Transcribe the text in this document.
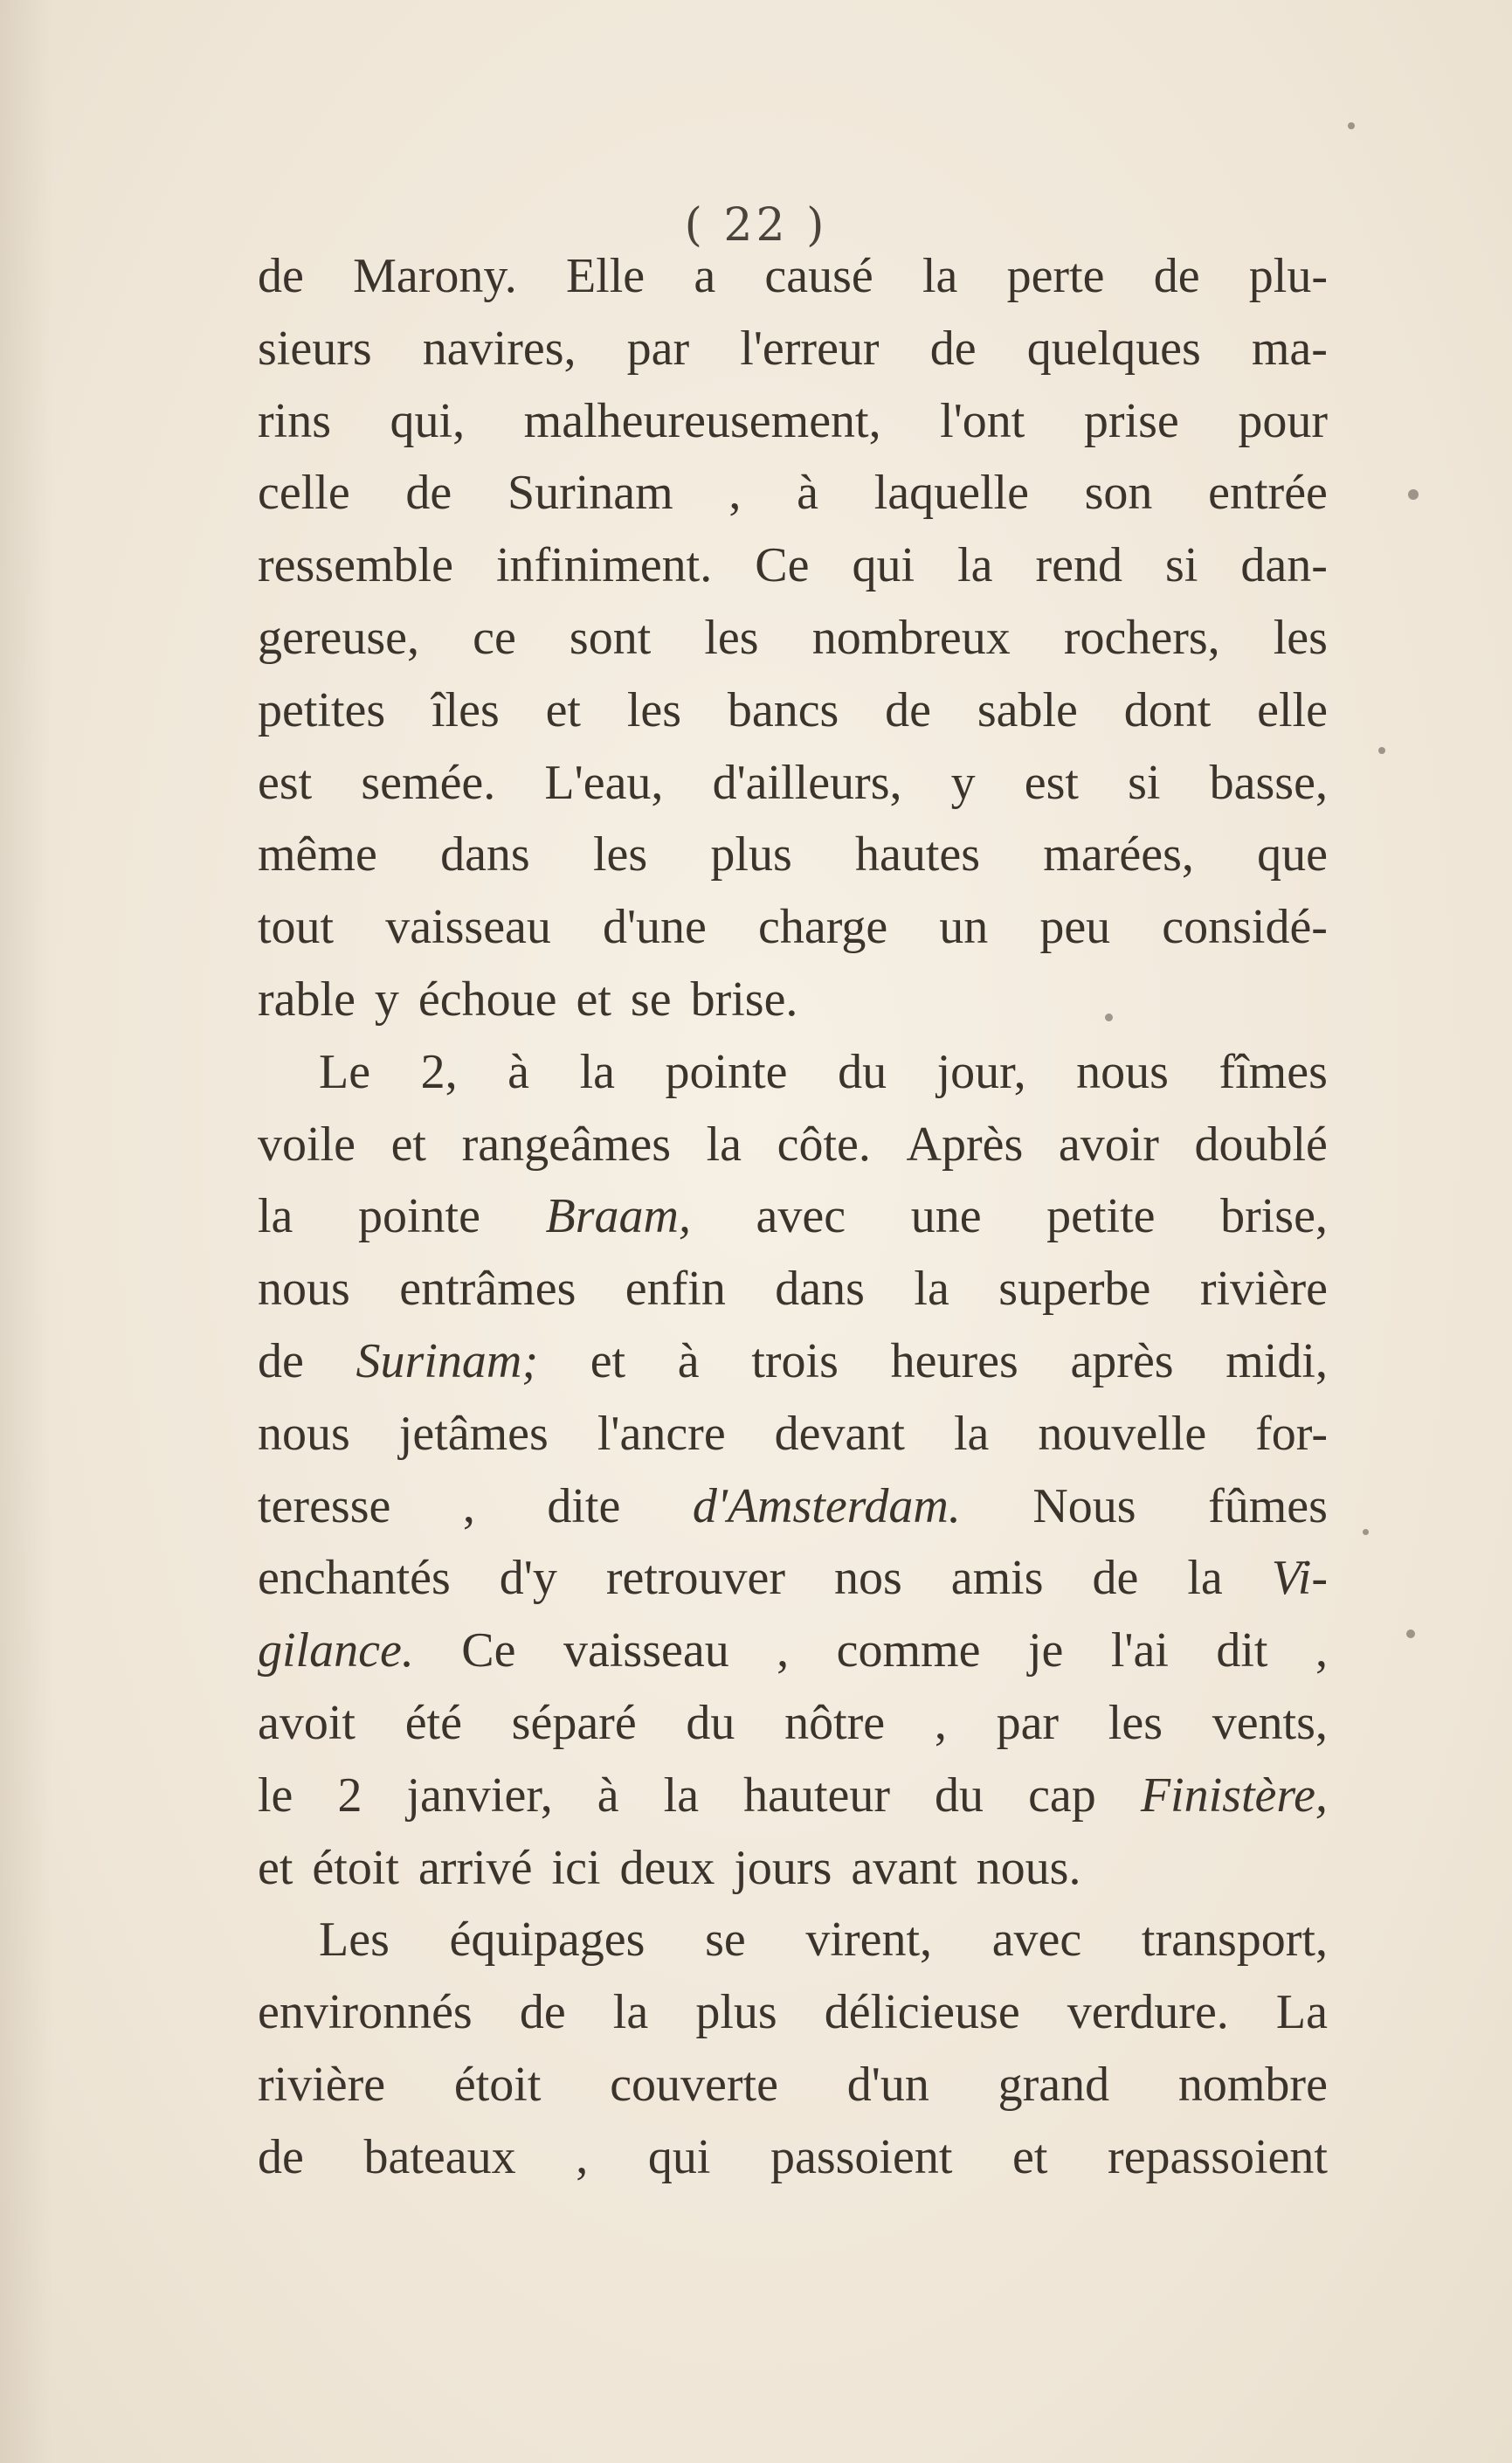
( 22 )
de Marony. Elle a causé la perte de plu-
sieurs navires, par l'erreur de quelques ma-
rins qui, malheureusement, l'ont prise pour
celle de Surinam , à laquelle son entrée
ressemble infiniment. Ce qui la rend si dan-
gereuse, ce sont les nombreux rochers, les
petites îles et les bancs de sable dont elle
est semée. L'eau, d'ailleurs, y est si basse,
même dans les plus hautes marées, que
tout vaisseau d'une charge un peu considé-
rable y échoue et se brise.
Le 2, à la pointe du jour, nous fîmes
voile et rangeâmes la côte. Après avoir doublé
la pointe Braam, avec une petite brise,
nous entrâmes enfin dans la superbe rivière
de Surinam; et à trois heures après midi,
nous jetâmes l'ancre devant la nouvelle for-
teresse , dite d'Amsterdam. Nous fûmes
enchantés d'y retrouver nos amis de la Vi-
gilance. Ce vaisseau , comme je l'ai dit ,
avoit été séparé du nôtre , par les vents,
le 2 janvier, à la hauteur du cap Finistère,
et étoit arrivé ici deux jours avant nous.
Les équipages se virent, avec transport,
environnés de la plus délicieuse verdure. La
rivière étoit couverte d'un grand nombre
de bateaux , qui passoient et repassoient
